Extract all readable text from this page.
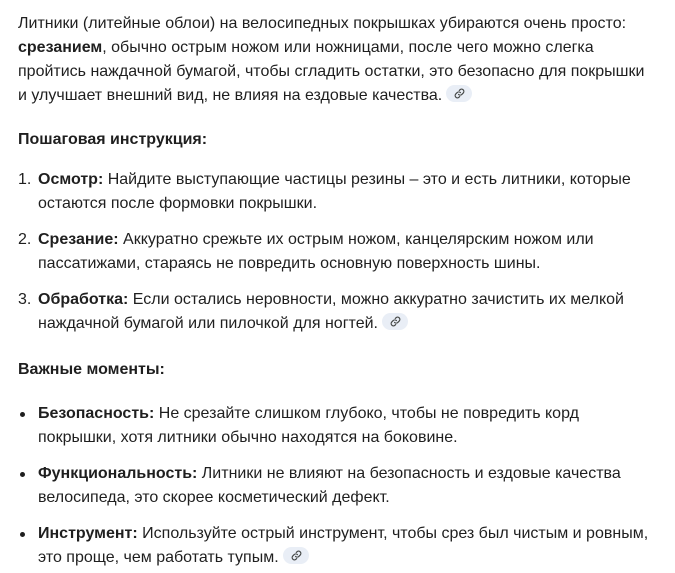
Литники (литейные облои) на велосипедных покрышках убираются очень просто: срезанием, обычно острым ножом или ножницами, после чего можно слегка пройтись наждачной бумагой, чтобы сгладить остатки, это безопасно для покрышки и улучшает внешний вид, не влияя на ездовые качества.

Пошаговая инструкция:

1. Осмотр: Найдите выступающие частицы резины – это и есть литники, которые остаются после формовки покрышки.
2. Срезание: Аккуратно срежьте их острым ножом, канцелярским ножом или пассатижами, стараясь не повредить основную поверхность шины.
3. Обработка: Если остались неровности, можно аккуратно зачистить их мелкой наждачной бумагой или пилочкой для ногтей.

Важные моменты:

Безопасность: Не срезайте слишком глубоко, чтобы не повредить корд покрышки, хотя литники обычно находятся на боковине.
Функциональность: Литники не влияют на безопасность и ездовые качества велосипеда, это скорее косметический дефект.
Инструмент: Используйте острый инструмент, чтобы срез был чистым и ровным, это проще, чем работать тупым.
